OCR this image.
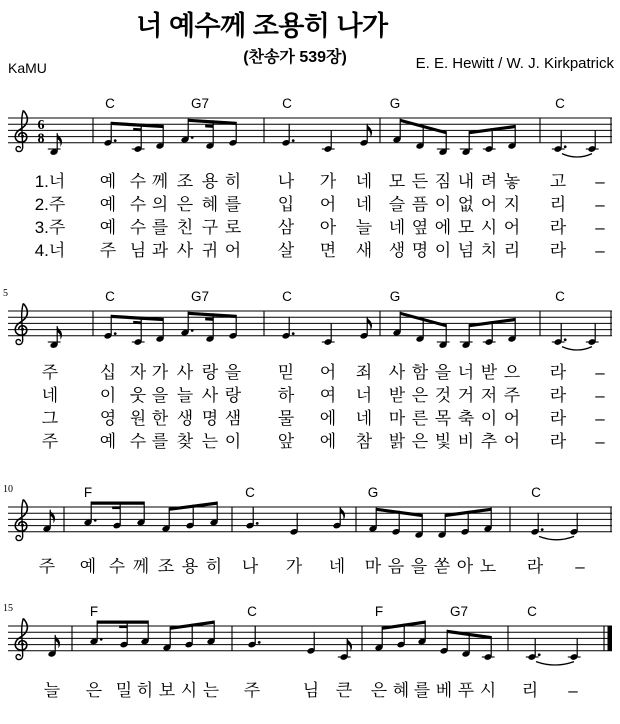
너 예수께 조용히 나가
(찬송가 539장)
KaMU	E. E. Hewitt / W. J. Kirkpatrick
6
8
C	G7	C	G	C
1.너 예 수 께 조 용 히 나 가 네 모 든 짐 내 려 놓 고 –
2.주 예 수 의 은 혜 를 입 어 네 슬 픔 이 없 어 지 리 –
3.주 예 수 를 친 구 로 삼 아 늘 네 옆 에 모 시 어 라 –
4.너 주 님 과 사 귀 어 살 면 새 생 명 이 넘 치 리 라 –
5	C	G7	C	G	C
주 십 자 가 사 랑 을 믿 어 죄 사 함 을 너 받 으 라 –
네 이 웃 을 늘 사 랑 하 여 너 받 은 것 거 저 주 라 –
그 영 원 한 생 명 샘 물 에 네 마 른 목 축 이 어 라 –
주 예 수 를 찾 는 이 앞 에 참 밝 은 빛 비 추 어 라 –
10	F	C	G	C
주 예 수 께 조 용 히 나 가 네 마 음 을 쏟 아 노 라 –
15	F	C	F	G7	C
늘 은 밀 히 보 시 는 주	님 큰 은 혜 를 베 푸 시 리 –
